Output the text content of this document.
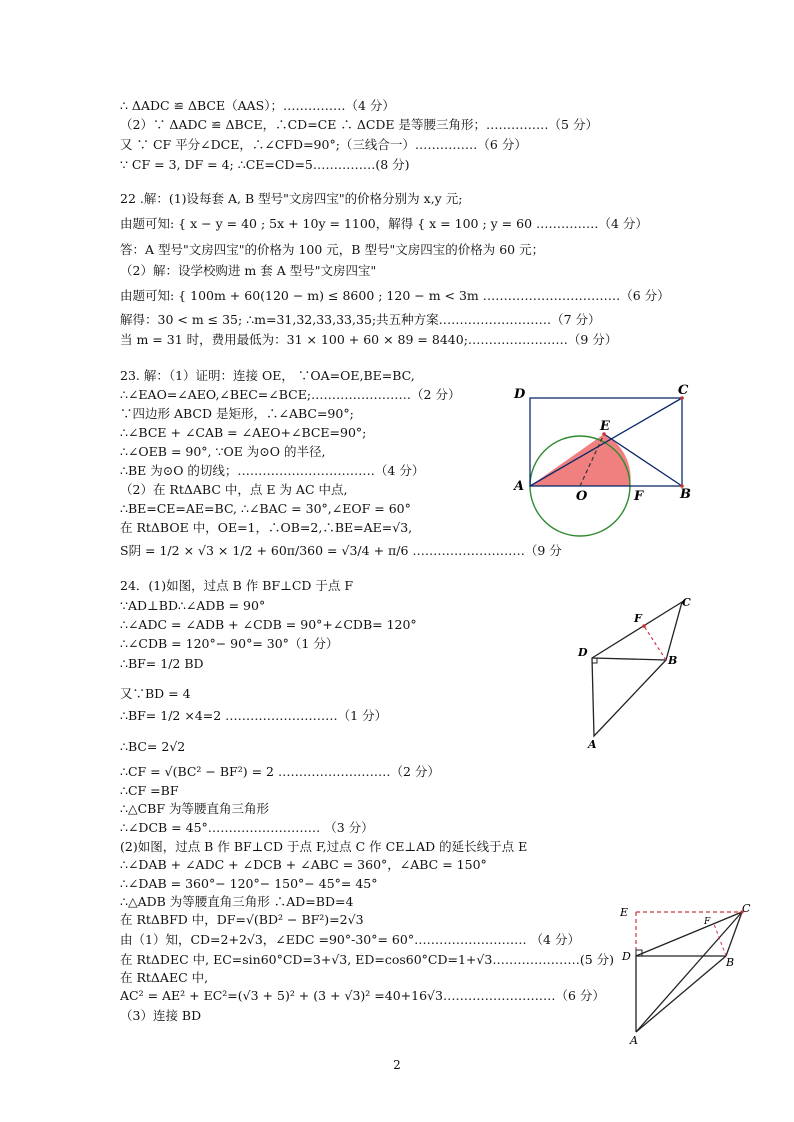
∴ ΔADC ≌ ΔBCE（AAS）；……………（4 分）
（2）∵ ΔADC ≌ ΔBCE，∴CD=CE ∴ ΔCDE 是等腰三角形；……………（5 分）
又 ∵ CF 平分∠DCE，∴∠CFD=90°;（三线合一）……………（6 分）
∵ CF = 3, DF = 4; ∴CE=CD=5……………(8 分)
22 .解：(1)设每套 A, B 型号"文房四宝"的价格分别为 x,y 元;
由题可知: { x − y = 40 ; 5x + 10y = 1100，解得 { x = 100 ; y = 60 ……………（4 分）
答：A 型号"文房四宝"的价格为 100 元，B 型号"文房四宝的价格为 60 元；
（2）解：设学校购进 m 套 A 型号"文房四宝"
由题可知: { 100m + 60(120 − m) ≤ 8600 ; 120 − m < 3m ……………………………（6 分）
解得：30 < m ≤ 35; ∴m=31,32,33,33,35;共五种方案………………………（7 分）
当 m = 31 时，费用最低为：31 × 100 + 60 × 89 = 8440;……………………（9 分）
23. 解：（1）证明：连接 OE， ∵OA=OE,BE=BC,
∴∠EAO=∠AEO,∠BEC=∠BCE;……………………（2 分）
∵四边形 ABCD 是矩形，∴∠ABC=90°;
∴∠BCE + ∠CAB = ∠AEO+∠BCE=90°;
∴∠OEB = 90°, ∵OE 为⊙O 的半径,
∴BE 为⊙O 的切线；……………………………（4 分）
（2）在 RtΔABC 中，点 E 为 AC 中点,
∴BE=CE=AE=BC, ∴∠BAC = 30°,∠EOF = 60°
在 RtΔBOE 中，OE=1，∴OB=2,∴BE=AE=√3,
S阴 = 1/2 × √3 × 1/2 + 60π/360 = √3/4 + π/6 ………………………（9 分
D	C
E
A
O	F	B
24．(1)如图，过点 B 作 BF⊥CD 于点 F
∵AD⊥BD∴∠ADB = 90°
∴∠ADC = ∠ADB + ∠CDB = 90°+∠CDB= 120°
∴∠CDB = 120°− 90°= 30°（1 分）
∴BF= 1/2 BD
又∵BD = 4
∴BF= 1/2 ×4=2 ………………………（1 分）
∴BC= 2√2
∴CF = √(BC² − BF²) = 2 ………………………（2 分）
∴CF =BF
∴△CBF 为等腰直角三角形
∴∠DCB = 45°……………………… （3 分）
(2)如图，过点 B 作 BF⊥CD 于点 F,过点 C 作 CE⊥AD 的延长线于点 E
∴∠DAB + ∠ADC + ∠DCB + ∠ABC = 360°，∠ABC = 150°
∴∠DAB = 360°− 120°− 150°− 45°= 45°
∴△ADB 为等腰直角三角形 ∴AD=BD=4
在 RtΔBFD 中，DF=√(BD² − BF²)=2√3
由（1）知，CD=2+2√3，∠EDC =90°-30°= 60°……………………… （4 分）
在 RtΔDEC 中, EC=sin60°CD=3+√3, ED=cos60°CD=1+√3…………………(5 分)
在 RtΔAEC 中,
AC² = AE² + EC²=(√3 + 5)² + (3 + √3)² =40+16√3………………………（6 分）
（3）连接 BD
F
C
D
B
A
E	C
F
D	B
A
2
